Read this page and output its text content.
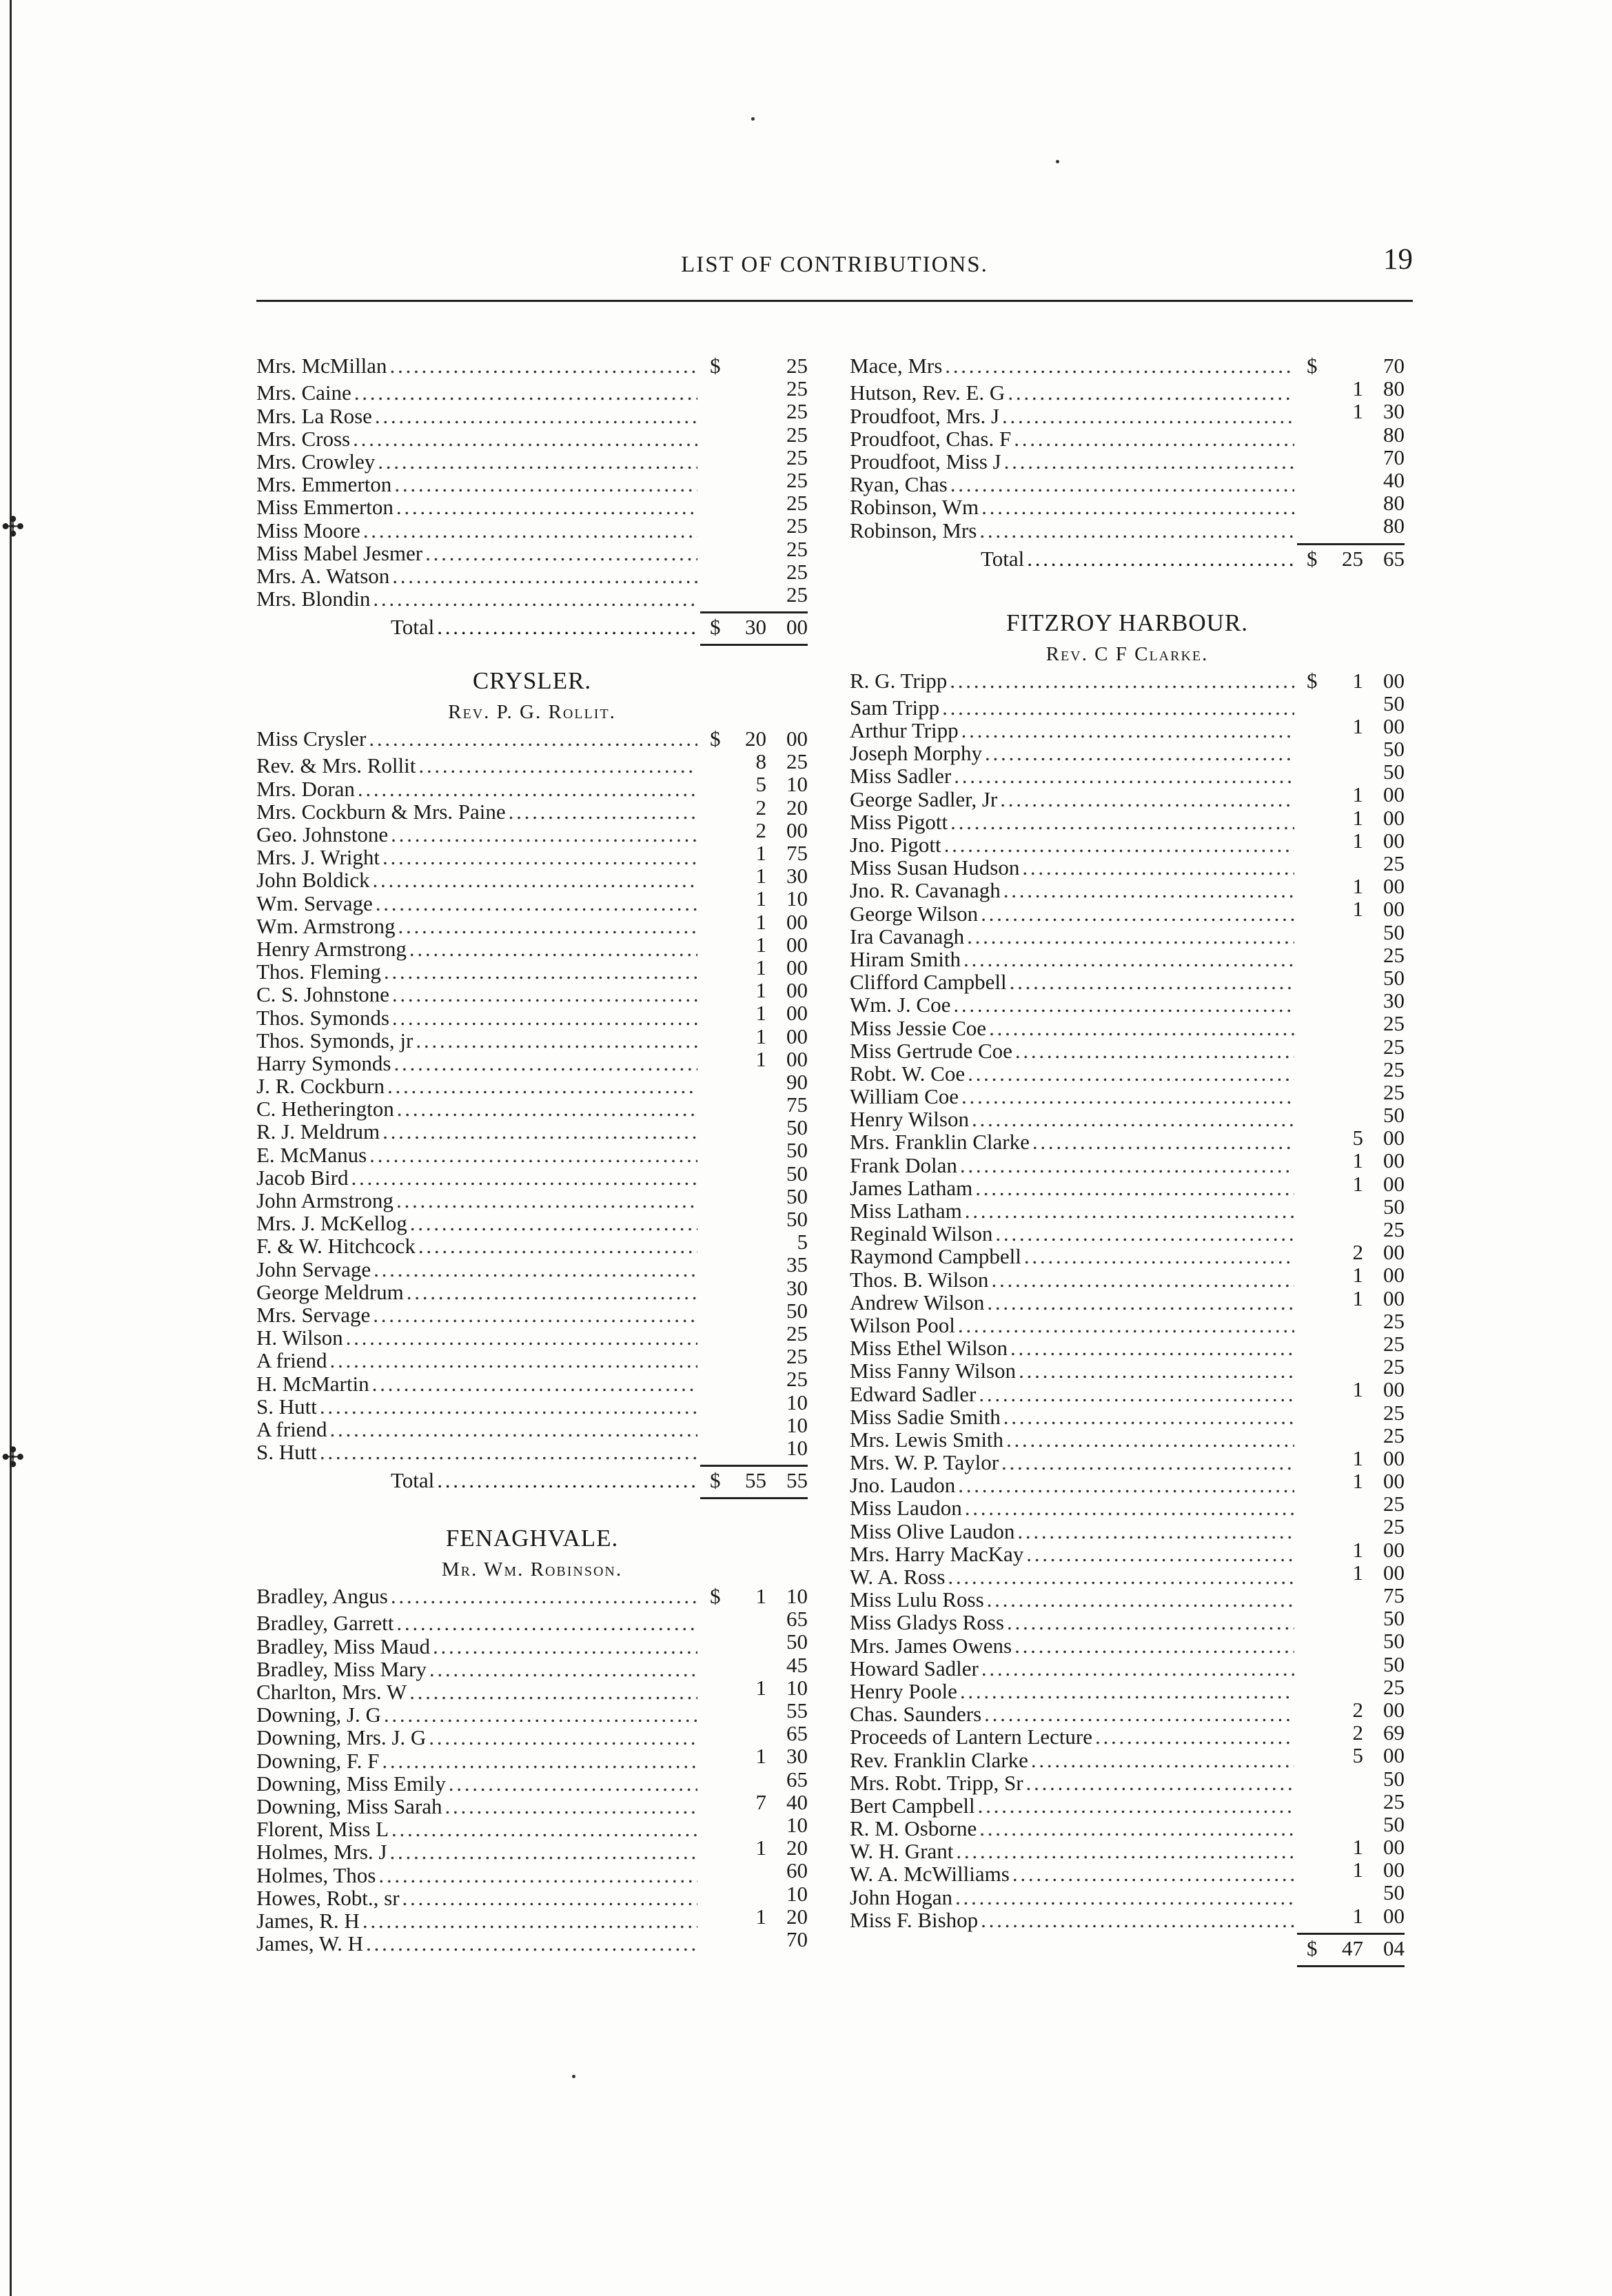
✣
✣
LIST OF CONTRIBUTIONS.	19
Mrs. McMillan . . .	$	25
Mrs. Caine . . .	25
Mrs. La Rose . . .	25
Mrs. Cross . . .	25
Mrs. Crowley . . .	25
Mrs. Emmerton . . .	25
Miss Emmerton . . .	25
Miss Moore . . .	25
Miss Mabel Jesmer . . .	25
Mrs. A. Watson . . .	25
Mrs. Blondin . . .	25
Total . . .	$	30 00
CRYSLER.
Rev. P. G. Rollit.
Miss Crysler . . .	$	20 00
Rev. & Mrs. Rollit . . .	8 25
Mrs. Doran . . .	5 10
Mrs. Cockburn & Mrs. Paine . . .	2 20
Geo. Johnstone . . .	2 00
Mrs. J. Wright . . .	1 75
John Boldick . . .	1 30
Wm. Servage . . .	1 10
Wm. Armstrong . . .	1 00
Henry Armstrong . . .	1 00
Thos. Fleming . . .	1 00
C. S. Johnstone . . .	1 00
Thos. Symonds . . .	1 00
Thos. Symonds, jr . . .	1 00
Harry Symonds . . .	1 00
J. R. Cockburn . . .	90
C. Hetherington . . .	75
R. J. Meldrum . . .	50
E. McManus . . .	50
Jacob Bird . . .	50
John Armstrong . . .	50
Mrs. J. McKellog . . .	50
F. & W. Hitchcock . . .	5
John Servage . . .	35
George Meldrum . . .	30
Mrs. Servage . . .	50
H. Wilson . . .	25
A friend . . .	25
H. McMartin . . .	25
S. Hutt . . .	10
A friend . . .	10
S. Hutt . . .	10
Total . . .	$	55 55
FENAGHVALE.
Mr. Wm. Robinson.
Bradley, Angus . . .	$	1 10
Bradley, Garrett . . .	65
Bradley, Miss Maud . . .	50
Bradley, Miss Mary . . .	45
Charlton, Mrs. W . . .	1 10
Downing, J. G . . .	55
Downing, Mrs. J. G . . .	65
Downing, F. F . . .	1 30
Downing, Miss Emily . . .	65
Downing, Miss Sarah . . .	7 40
Florent, Miss L . . .	10
Holmes, Mrs. J . . .	1 20
Holmes, Thos . . .	60
Howes, Robt., sr . . .	10
James, R. H . . .	1 20
James, W. H . . .	70
Mace, Mrs . . .	$	70
Hutson, Rev. E. G . . .	1 80
Proudfoot, Mrs. J . . .	1 30
Proudfoot, Chas. F . . .	80
Proudfoot, Miss J . . .	70
Ryan, Chas . . .	40
Robinson, Wm . . .	80
Robinson, Mrs . . .	80
Total . . .	$	25 65
FITZROY HARBOUR.
Rev. C F Clarke.
R. G. Tripp . . .	$	1 00
Sam Tripp . . .	50
Arthur Tripp . . .	1 00
Joseph Morphy . . .	50
Miss Sadler . . .	50
George Sadler, Jr . . .	1 00
Miss Pigott . . .	1 00
Jno. Pigott . . .	1 00
Miss Susan Hudson . . .	25
Jno. R. Cavanagh . . .	1 00
George Wilson . . .	1 00
Ira Cavanagh . . .	50
Hiram Smith . . .	25
Clifford Campbell . . .	50
Wm. J. Coe . . .	30
Miss Jessie Coe . . .	25
Miss Gertrude Coe . . .	25
Robt. W. Coe . . .	25
William Coe . . .	25
Henry Wilson . . .	50
Mrs. Franklin Clarke . . .	5 00
Frank Dolan . . .	1 00
James Latham . . .	1 00
Miss Latham . . .	50
Reginald Wilson . . .	25
Raymond Campbell . . .	2 00
Thos. B. Wilson . . .	1 00
Andrew Wilson . . .	1 00
Wilson Pool . . .	25
Miss Ethel Wilson . . .	25
Miss Fanny Wilson . . .	25
Edward Sadler . . .	1 00
Miss Sadie Smith . . .	25
Mrs. Lewis Smith . . .	25
Mrs. W. P. Taylor . . .	1 00
Jno. Laudon . . .	1 00
Miss Laudon . . .	25
Miss Olive Laudon . . .	25
Mrs. Harry MacKay . . .	1 00
W. A. Ross . . .	1 00
Miss Lulu Ross . . .	75
Miss Gladys Ross . . .	50
Mrs. James Owens . . .	50
Howard Sadler . . .	50
Henry Poole . . .	25
Chas. Saunders . . .	2 00
Proceeds of Lantern Lecture . . .	2 69
Rev. Franklin Clarke . . .	5 00
Mrs. Robt. Tripp, Sr . . .	50
Bert Campbell . . .	25
R. M. Osborne . . .	50
W. H. Grant . . .	1 00
W. A. McWilliams . . .	1 00
John Hogan . . .	50
Miss F. Bishop . . .	1 00
$	47 04
